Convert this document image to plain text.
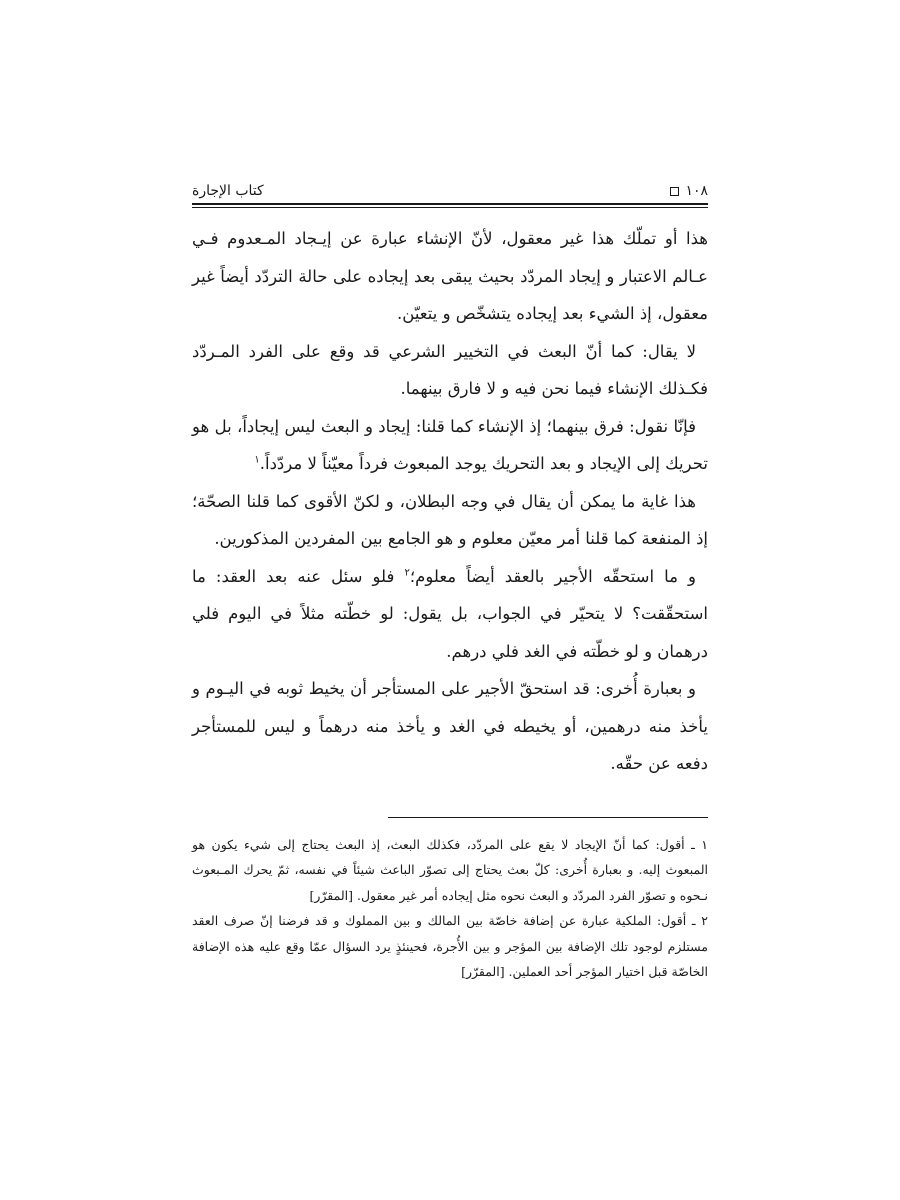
١٠٨
كتاب الإجارة

هذا أو تملّك هذا غير معقول، لأنّ الإنشاء عبارة عن إيـجاد المـعدوم فـي عـالم الاعتبار و إيجاد المردّد بحيث يبقى بعد إيجاده على حالة التردّد أيضاً غير معقول، إذ الشيء بعد إيجاده يتشخّص و يتعيّن.

لا يقال: كما أنّ البعث في التخيير الشرعي قد وقع على الفرد المـردّد فكـذلك الإنشاء فيما نحن فيه و لا فارق بينهما.

فإنّا نقول: فرق بينهما؛ إذ الإنشاء كما قلنا: إيجاد و البعث ليس إيجاداً، بل هو تحريك إلى الإيجاد و بعد التحريك يوجد المبعوث فرداً معيّناً لا مردّداً.$^١$

هذا غاية ما يمكن أن يقال في وجه البطلان، و لكنّ الأقوى كما قلنا الصحّة؛ إذ المنفعة كما قلنا أمر معيّن معلوم و هو الجامع بين المفردين المذكورين.

و ما استحقّه الأجير بالعقد أيضاً معلوم؛$^٢$ فلو سئل عنه بعد العقد: ما استحقّقت؟ لا يتحيّر في الجواب، بل يقول: لو خطّته مثلاً في اليوم فلي درهمان و لو خطّته في الغد فلي درهم.

و بعبارة أُخرى: قد استحقّ الأجير على المستأجر أن يخيط ثوبه في اليـوم و يأخذ منه درهمين، أو يخيطه في الغد و يأخذ منه درهماً و ليس للمستأجر دفعه عن حقّه.

١ ـ أقول: كما أنّ الإيجاد لا يقع على المردّد، فكذلك البعث، إذ البعث يحتاج إلى شيء يكون هو المبعوث إليه. و بعبارة أُخرى: كلّ بعث يحتاج إلى تصوّر الباعث شيئاً في نفسه، ثمّ يحرك المـبعوث نـحوه و تصوّر الفرد المردّد و البعث نحوه مثل إيجاده أمر غير معقول. [المقرّر]

٢ ـ أقول: الملكية عبارة عن إضافة خاصّة بين المالك و بين المملوك و قد فرضنا إنّ صرف العقد مستلزم لوجود تلك الإضافة بين المؤجر و بين الأُجرة، فحينئذٍ يرد السؤال عمّا وقع عليه هذه الإضافة الخاصّة قبل اختيار المؤجر أحد العملين. [المقرّر]
